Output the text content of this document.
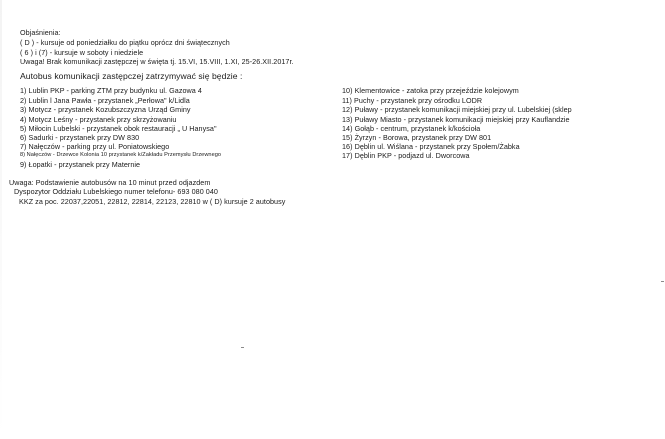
Objaśnienia:
( D ) - kursuje od poniedziałku do piątku oprócz dni świątecznych
( 6 ) i (7) - kursuje w soboty i niedziele
Uwaga! Brak komunikacji zastępczej w święta tj. 15.VI, 15.VIII, 1.XI, 25-26.XII.2017r.
Autobus komunikacji zastępczej zatrzymywać się będzie :
1) Lublin PKP - parking ZTM przy budynku ul. Gazowa 4
2) Lublin l Jana Pawła - przystanek „Perłowa" k/Lidla
3) Motycz - przystanek Kozubszczyzna Urząd Gminy
4) Motycz Leśny - przystanek przy skrzyżowaniu
5) Miłocin Lubelski - przystanek obok restauracji „ U Hanysa"
6) Sadurki - przystanek przy DW 830
7) Nałęczów - parking przy ul. Poniatowskiego
8) Nałęczów - Drzewce Kolonia 10 przystanek k/Zakładu Przemysłu Drzewnego
9) Łopatki - przystanek przy Maternie
10) Klementowice - zatoka przy przejeździe kolejowym
11) Puchy - przystanek przy ośrodku LODR
12) Puławy - przystanek komunikacji miejskiej przy ul. Lubelskiej (sklep
13) Puławy Miasto - przystanek komunikacji miejskiej przy Kauflandzie
14) Gołąb - centrum, przystanek k/kościoła
15) Żyrzyn - Borowa, przystanek przy DW 801
16) Dęblin ul. Wiślana - przystanek przy Społem/Żabka
17) Dęblin PKP - podjazd ul. Dworcowa
Uwaga: Podstawienie autobusów na 10 minut przed odjazdem
Dyspozytor Oddziału Lubelskiego numer telefonu- 693 080 040
KKZ za poc. 22037,22051, 22812, 22814, 22123, 22810 w ( D) kursuje 2 autobusy
